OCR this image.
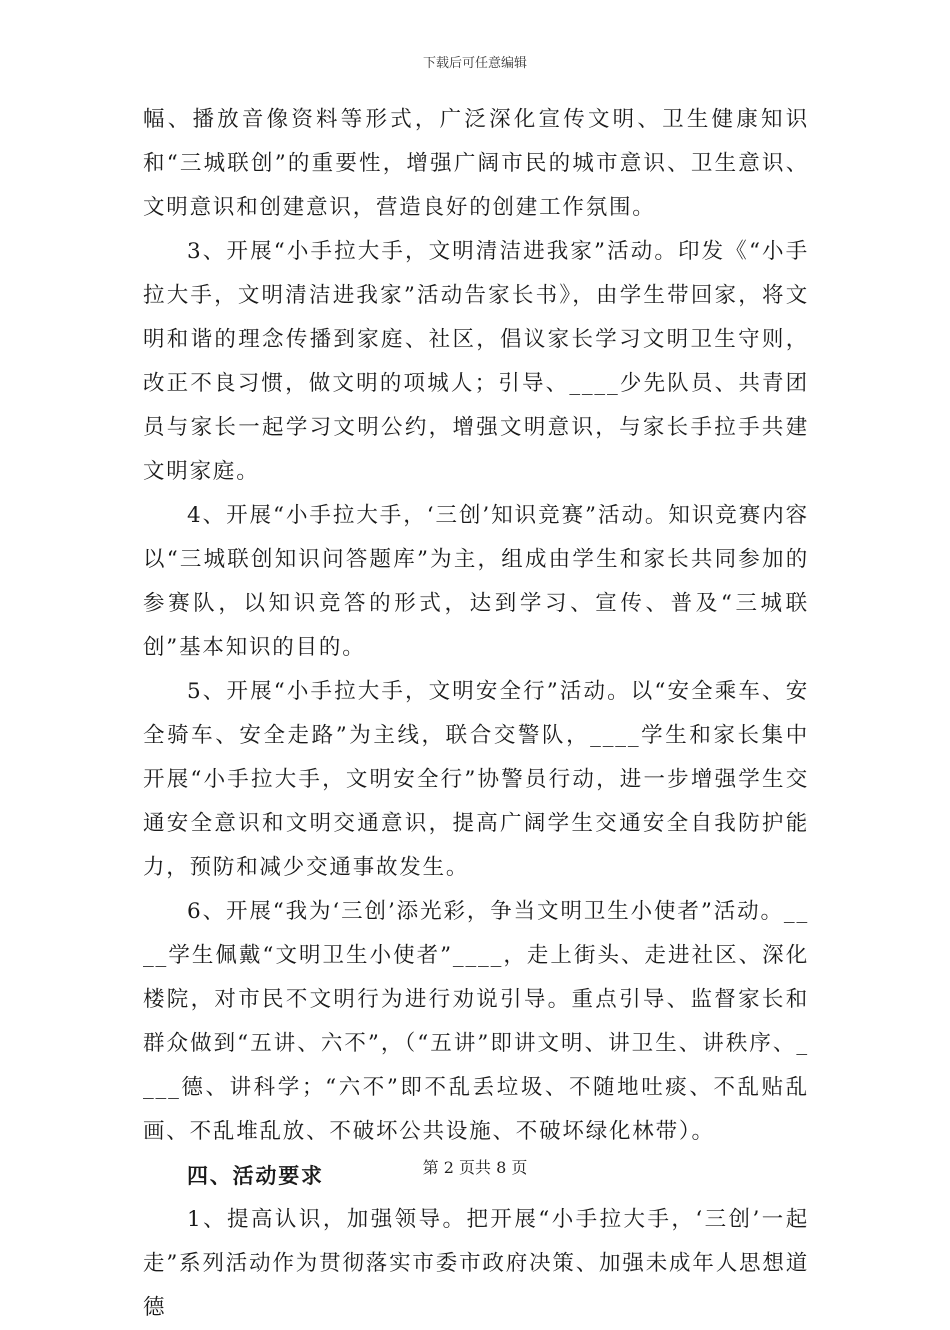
下载后可任意编辑

幅、播放音像资料等形式，广泛深化宣传文明、卫生健康知识和“三城联创”的重要性，增强广阔市民的城市意识、卫生意识、文明意识和创建意识，营造良好的创建工作氛围。

3、开展“小手拉大手，文明清洁进我家”活动。印发《“小手拉大手，文明清洁进我家”活动告家长书》，由学生带回家，将文明和谐的理念传播到家庭、社区，倡议家长学习文明卫生守则，改正不良习惯，做文明的项城人；引导、____少先队员、共青团员与家长一起学习文明公约，增强文明意识，与家长手拉手共建文明家庭。

4、开展“小手拉大手，‘三创’知识竞赛”活动。知识竞赛内容以“三城联创知识问答题库”为主，组成由学生和家长共同参加的参赛队，以知识竞答的形式，达到学习、宣传、普及“三城联创”基本知识的目的。

5、开展“小手拉大手，文明安全行”活动。以“安全乘车、安全骑车、安全走路”为主线，联合交警队，____学生和家长集中开展“小手拉大手，文明安全行”协警员行动，进一步增强学生交通安全意识和文明交通意识，提高广阔学生交通安全自我防护能力，预防和减少交通事故发生。

6、开展“我为‘三创’添光彩，争当文明卫生小使者”活动。____学生佩戴“文明卫生小使者”____，走上街头、走进社区、深化楼院，对市民不文明行为进行劝说引导。重点引导、监督家长和群众做到“五讲、六不”，（“五讲”即讲文明、讲卫生、讲秩序、____德、讲科学；“六不”即不乱丢垃圾、不随地吐痰、不乱贴乱画、不乱堆乱放、不破坏公共设施、不破坏绿化林带）。

四、活动要求

1、提高认识，加强领导。把开展“小手拉大手，‘三创’一起走”系列活动作为贯彻落实市委市政府决策、加强未成年人思想道德

第 2 页共 8 页
